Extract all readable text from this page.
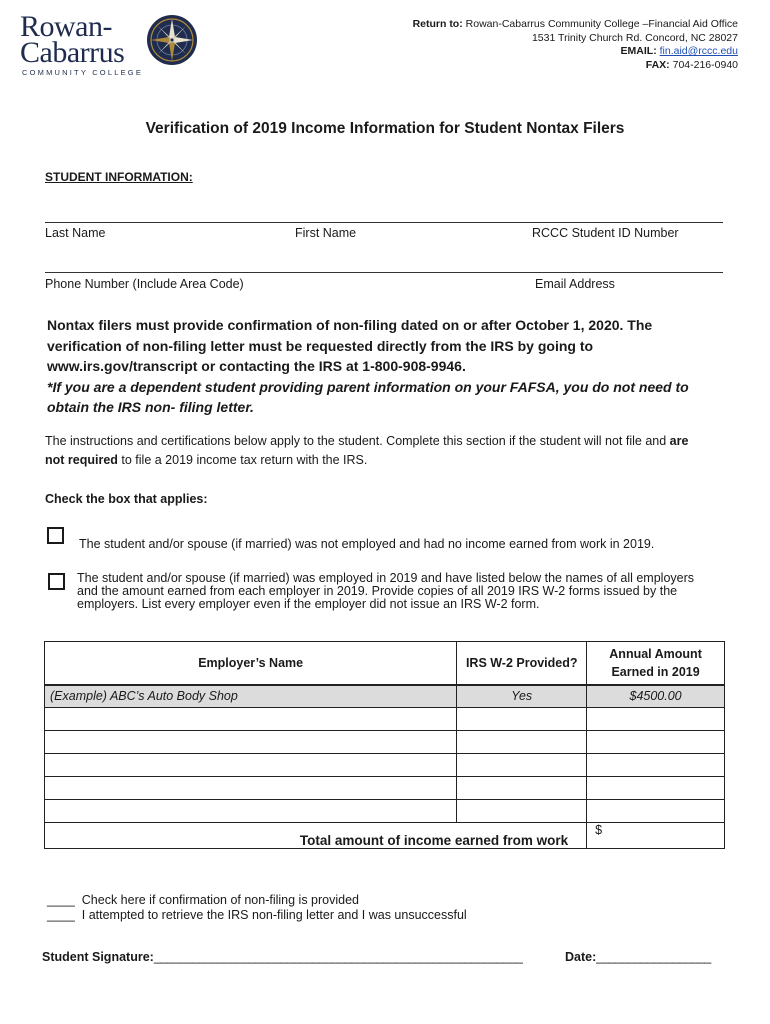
Rowan-
Cabarrus
COMMUNITY COLLEGE
Return to: Rowan-Cabarrus Community College –Financial Aid Office
1531 Trinity Church Rd. Concord, NC 28027
EMAIL: fin.aid@rccc.edu
FAX: 704-216-0940
Verification of 2019 Income Information for Student Nontax Filers
STUDENT INFORMATION:
Last Name	First Name	RCCC Student ID Number
Phone Number (Include Area Code)	Email Address
Nontax filers must provide confirmation of non-filing dated on or after October 1, 2020. The
verification of non-filing letter must be requested directly from the IRS by going to
www.irs.gov/transcript or contacting the IRS at 1-800-908-9946.
*If you are a dependent student providing parent information on your FAFSA, you do not need to
obtain the IRS non- filing letter.
The instructions and certifications below apply to the student. Complete this section if the student will not file and are
not required to file a 2019 income tax return with the IRS.
Check the box that applies:
The student and/or spouse (if married) was not employed and had no income earned from work in 2019.
The student and/or spouse (if married) was employed in 2019 and have listed below the names of all employers
and the amount earned from each employer in 2019. Provide copies of all 2019 IRS W-2 forms issued by the
employers. List every employer even if the employer did not issue an IRS W-2 form.
Employer’s Name	IRS W-2 Provided?	Annual Amount
Earned in 2019

(Example) ABC’s Auto Body Shop	Yes	$4500.00

Total amount of income earned from work		$
____ Check here if confirmation of non-filing is provided
____ I attempted to retrieve the IRS non-filing letter and I was unsuccessful
Student Signature:__________________________________________________________	Date:__________________
